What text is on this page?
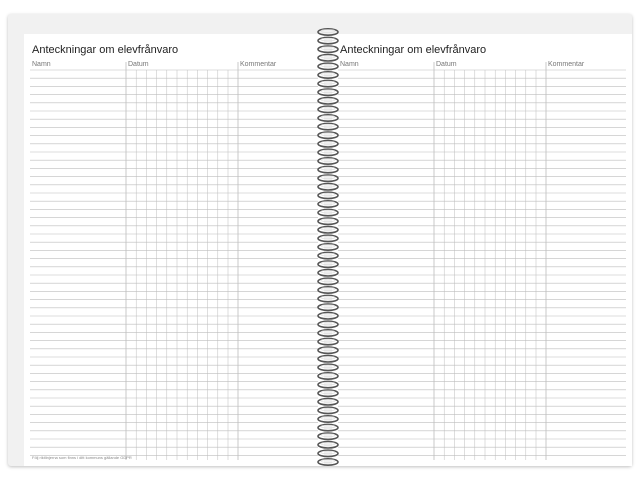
Anteckningar om elevfrånvaro
Namn	Datum	Kommentar
Följ riktlinjerna som finns i ditt kommuns gällande GDPR
Anteckningar om elevfrånvaro
Namn	Datum	Kommentar
